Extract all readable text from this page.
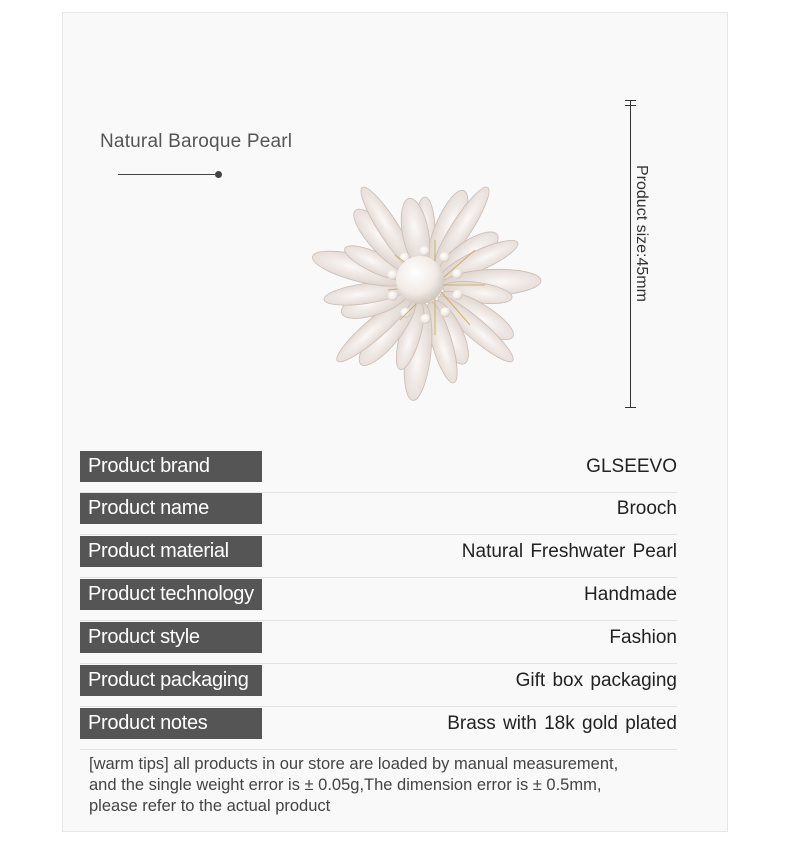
Natural Baroque Pearl
Product size:45mm
Product brand	GLSEEVO
Product name	Brooch
Product material	Natural Freshwater Pearl
Product technology	Handmade
Product style	Fashion
Product packaging	Gift box packaging
Product notes	Brass with 18k gold plated
[warm tips] all products in our store are loaded by manual measurement,
and the single weight error is ± 0.05g,The dimension error is ± 0.5mm,
please refer to the actual product
